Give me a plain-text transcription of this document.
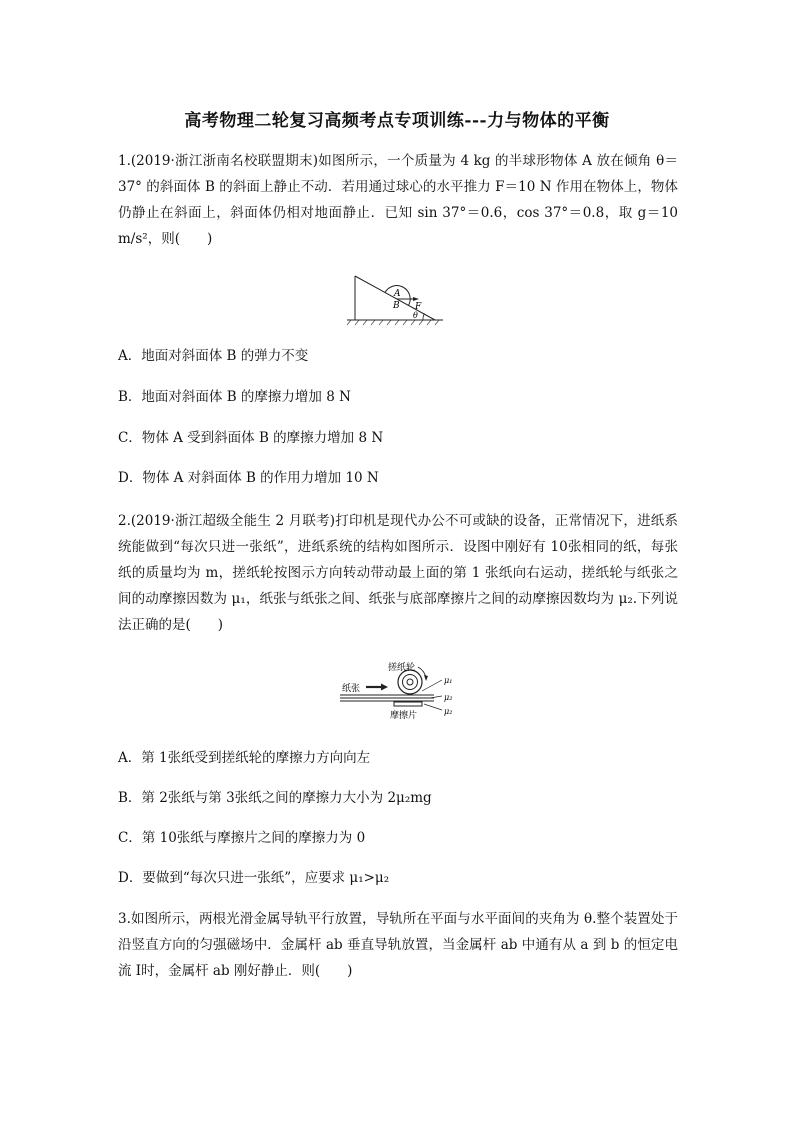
高考物理二轮复习高频考点专项训练---力与物体的平衡
1.(2019·浙江浙南名校联盟期末)如图所示，一个质量为 4 kg 的半球形物体 A 放在倾角 θ＝37° 的斜面体 B 的斜面上静止不动．若用通过球心的水平推力 F＝10 N 作用在物体上，物体仍静止在斜面上，斜面体仍相对地面静止．已知 sin 37°＝0.6，cos 37°＝0.8，取 g＝10 m/s²，则(　　)
A
B F
θ
A．地面对斜面体 B 的弹力不变
B．地面对斜面体 B 的摩擦力增加 8 N
C．物体 A 受到斜面体 B 的摩擦力增加 8 N
D．物体 A 对斜面体 B 的作用力增加 10 N
2.(2019·浙江超级全能生 2 月联考)打印机是现代办公不可或缺的设备，正常情况下，进纸系统能做到“每次只进一张纸”，进纸系统的结构如图所示．设图中刚好有 10张相同的纸，每张纸的质量均为 m，搓纸轮按图示方向转动带动最上面的第 1 张纸向右运动，搓纸轮与纸张之间的动摩擦因数为 μ₁，纸张与纸张之间、纸张与底部摩擦片之间的动摩擦因数均为 μ₂.下列说法正确的是(　　)
搓纸轮
纸张
摩擦片
μ₁
μ₂
μ₂
A．第 1张纸受到搓纸轮的摩擦力方向向左
B．第 2张纸与第 3张纸之间的摩擦力大小为 2μ₂mg
C．第 10张纸与摩擦片之间的摩擦力为 0
D．要做到“每次只进一张纸”，应要求 μ₁>μ₂
3.如图所示，两根光滑金属导轨平行放置，导轨所在平面与水平面间的夹角为 θ.整个装置处于沿竖直方向的匀强磁场中．金属杆 ab 垂直导轨放置，当金属杆 ab 中通有从 a 到 b 的恒定电流 I时，金属杆 ab 刚好静止．则(　　)
